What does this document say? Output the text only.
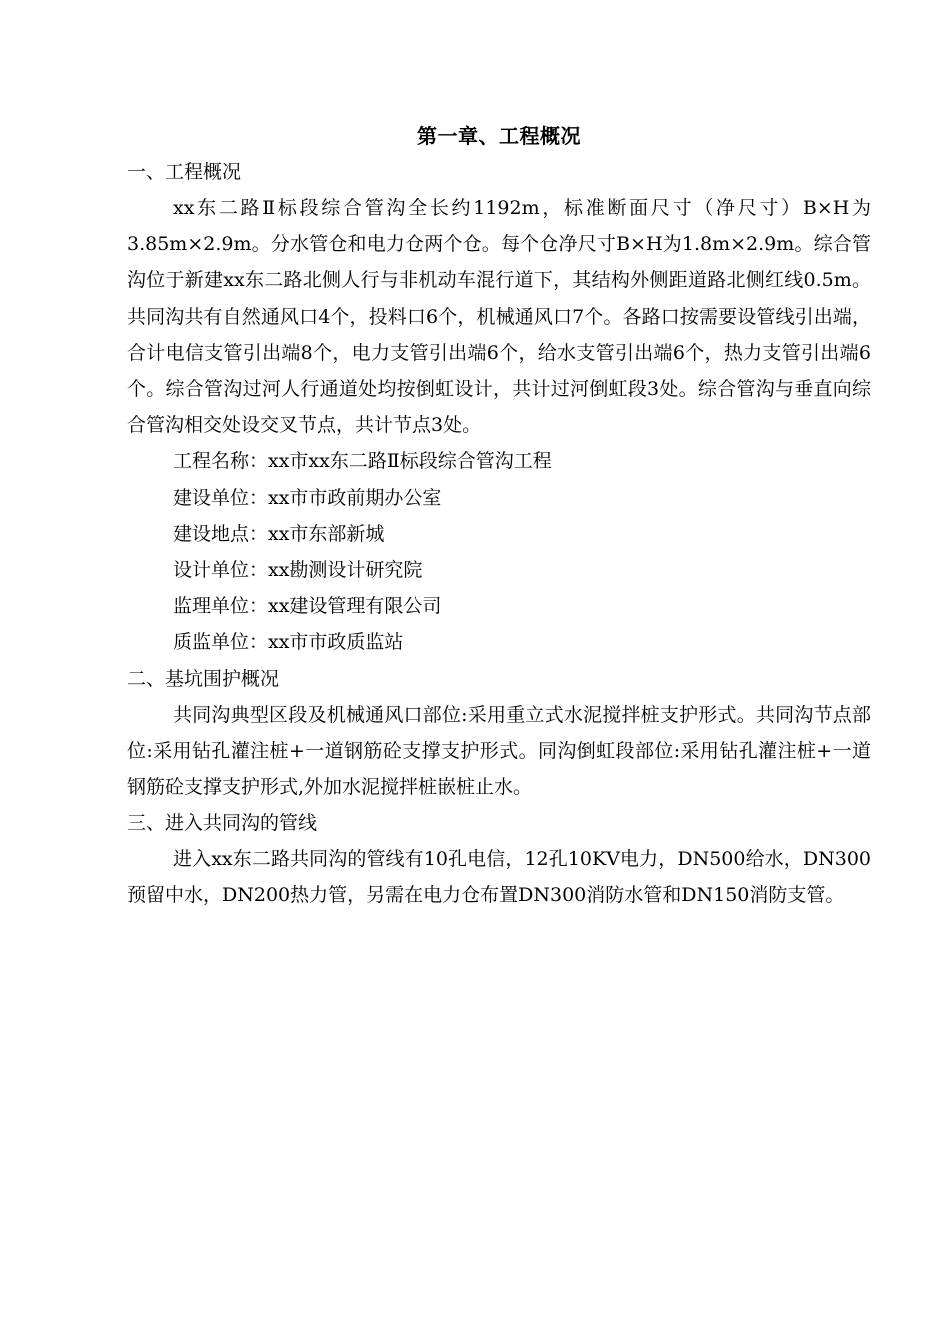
第一章、工程概况

一、工程概况

xx东二路Ⅱ标段综合管沟全长约1192m，标准断面尺寸（净尺寸）B×H为3.85m×2.9m。分水管仓和电力仓两个仓。每个仓净尺寸B×H为1.8m×2.9m。综合管沟位于新建xx东二路北侧人行与非机动车混行道下，其结构外侧距道路北侧红线0.5m。共同沟共有自然通风口4个，投料口6个，机械通风口7个。各路口按需要设管线引出端，合计电信支管引出端8个，电力支管引出端6个，给水支管引出端6个，热力支管引出端6个。综合管沟过河人行通道处均按倒虹设计，共计过河倒虹段3处。综合管沟与垂直向综合管沟相交处设交叉节点，共计节点3处。

工程名称：xx市xx东二路Ⅱ标段综合管沟工程

建设单位：xx市市政前期办公室

建设地点：xx市东部新城

设计单位：xx勘测设计研究院

监理单位：xx建设管理有限公司

质监单位：xx市市政质监站

二、基坑围护概况

共同沟典型区段及机械通风口部位:采用重立式水泥搅拌桩支护形式。共同沟节点部位:采用钻孔灌注桩+一道钢筋砼支撑支护形式。同沟倒虹段部位:采用钻孔灌注桩+一道钢筋砼支撑支护形式,外加水泥搅拌桩嵌桩止水。

三、进入共同沟的管线

进入xx东二路共同沟的管线有10孔电信，12孔10KV电力，DN500给水，DN300预留中水，DN200热力管，另需在电力仓布置DN300消防水管和DN150消防支管。
